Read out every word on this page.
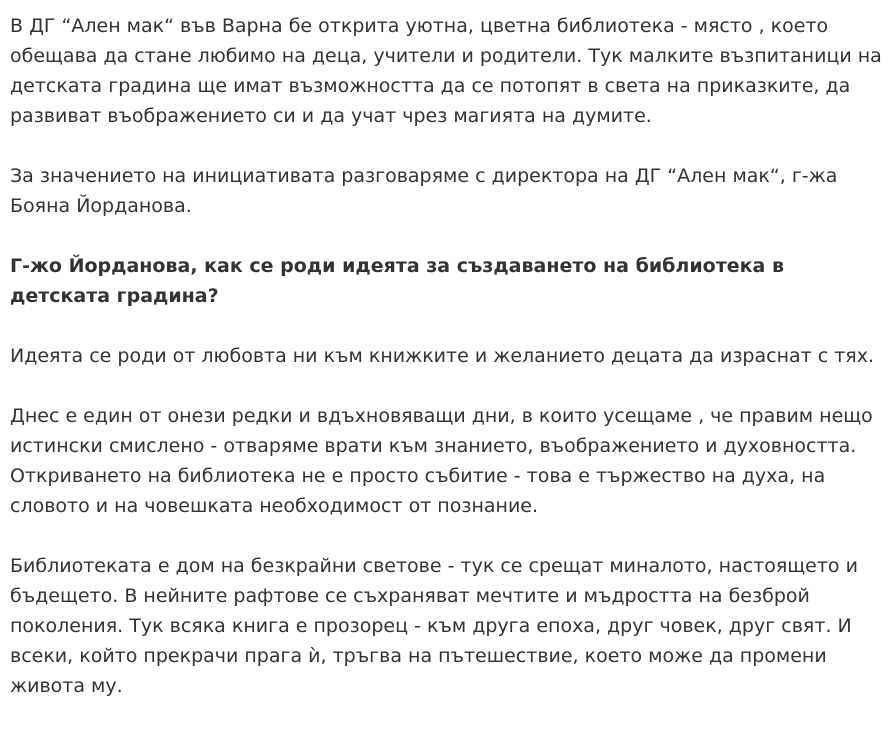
В ДГ “Ален мак“ във Варна бе открита уютна, цветна библиотека - място , което обещава да стане любимо на деца, учители и родители. Тук малките възпитаници на детската градина ще имат възможността да се потопят в света на приказките, да развиват въображението си и да учат чрез магията на думите.

За значението на инициативата разговаряме с директора на ДГ “Ален мак“, г-жа Бояна Йорданова.

Г-жо Йорданова, как се роди идеята за създаването на библиотека в детската градина?

Идеята се роди от любовта ни към книжките и желанието децата да израснат с тях.

Днес е един от онези редки и вдъхновяващи дни, в които усещаме , че правим нещо истински смислено - отваряме врати към знанието, въображението и духовността. Откриването на библиотека не е просто събитие - това е тържество на духа, на словото и на човешката необходимост от познание.

Библиотеката е дом на безкрайни светове - тук се срещат миналото, настоящето и бъдещето. В нейните рафтове се съхраняват мечтите и мъдростта на безброй поколения. Тук всяка книга е прозорец - към друга епоха, друг човек, друг свят. И всеки, който прекрачи прага ѝ, тръгва на пътешествие, което може да промени живота му.
